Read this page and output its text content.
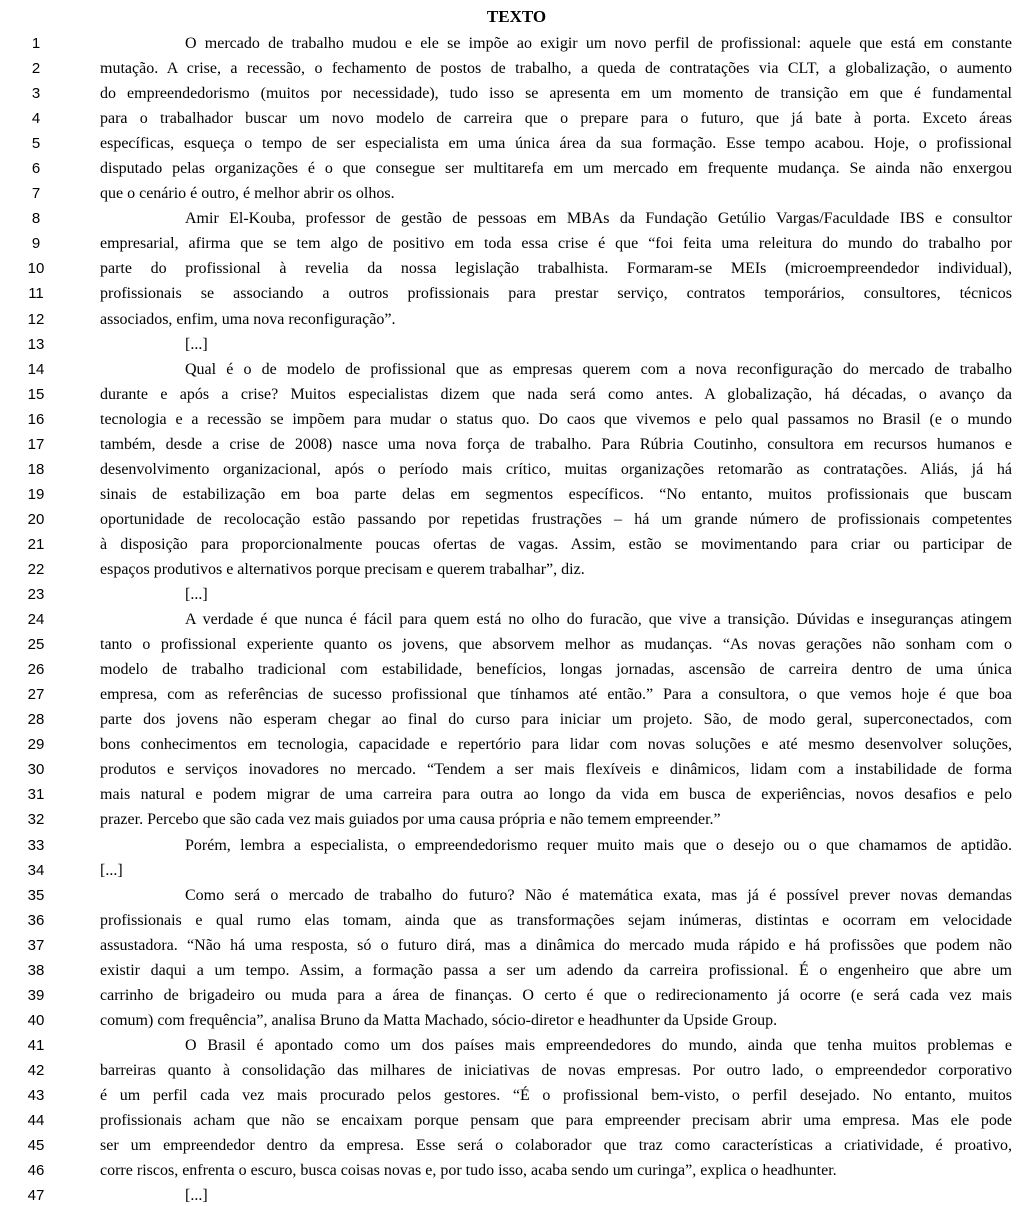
TEXTO
1	O mercado de trabalho mudou e ele se impõe ao exigir um novo perfil de profissional: aquele que está em constante
2	mutação. A crise, a recessão, o fechamento de postos de trabalho, a queda de contratações via CLT, a globalização, o aumento
3	do empreendedorismo (muitos por necessidade), tudo isso se apresenta em um momento de transição em que é fundamental
4	para o trabalhador buscar um novo modelo de carreira que o prepare para o futuro, que já bate à porta. Exceto áreas
5	específicas, esqueça o tempo de ser especialista em uma única área da sua formação. Esse tempo acabou. Hoje, o profissional
6	disputado pelas organizações é o que consegue ser multitarefa em um mercado em frequente mudança. Se ainda não enxergou
7	que o cenário é outro, é melhor abrir os olhos.
8	Amir El-Kouba, professor de gestão de pessoas em MBAs da Fundação Getúlio Vargas/Faculdade IBS e consultor
9	empresarial, afirma que se tem algo de positivo em toda essa crise é que “foi feita uma releitura do mundo do trabalho por
10	parte do profissional à revelia da nossa legislação trabalhista. Formaram-se MEIs (microempreendedor individual),
11	profissionais se associando a outros profissionais para prestar serviço, contratos temporários, consultores, técnicos
12	associados, enfim, uma nova reconfiguração”.
13	[...]
14	Qual é o de modelo de profissional que as empresas querem com a nova reconfiguração do mercado de trabalho
15	durante e após a crise? Muitos especialistas dizem que nada será como antes. A globalização, há décadas, o avanço da
16	tecnologia e a recessão se impõem para mudar o status quo. Do caos que vivemos e pelo qual passamos no Brasil (e o mundo
17	também, desde a crise de 2008) nasce uma nova força de trabalho. Para Rúbria Coutinho, consultora em recursos humanos e
18	desenvolvimento organizacional, após o período mais crítico, muitas organizações retomarão as contratações. Aliás, já há
19	sinais de estabilização em boa parte delas em segmentos específicos. “No entanto, muitos profissionais que buscam
20	oportunidade de recolocação estão passando por repetidas frustrações – há um grande número de profissionais competentes
21	à disposição para proporcionalmente poucas ofertas de vagas. Assim, estão se movimentando para criar ou participar de
22	espaços produtivos e alternativos porque precisam e querem trabalhar”, diz.
23	[...]
24	A verdade é que nunca é fácil para quem está no olho do furacão, que vive a transição. Dúvidas e inseguranças atingem
25	tanto o profissional experiente quanto os jovens, que absorvem melhor as mudanças. “As novas gerações não sonham com o
26	modelo de trabalho tradicional com estabilidade, benefícios, longas jornadas, ascensão de carreira dentro de uma única
27	empresa, com as referências de sucesso profissional que tínhamos até então.” Para a consultora, o que vemos hoje é que boa
28	parte dos jovens não esperam chegar ao final do curso para iniciar um projeto. São, de modo geral, superconectados, com
29	bons conhecimentos em tecnologia, capacidade e repertório para lidar com novas soluções e até mesmo desenvolver soluções,
30	produtos e serviços inovadores no mercado. “Tendem a ser mais flexíveis e dinâmicos, lidam com a instabilidade de forma
31	mais natural e podem migrar de uma carreira para outra ao longo da vida em busca de experiências, novos desafios e pelo
32	prazer. Percebo que são cada vez mais guiados por uma causa própria e não temem empreender.”
33	Porém, lembra a especialista, o empreendedorismo requer muito mais que o desejo ou o que chamamos de aptidão.
34	[...]
35	Como será o mercado de trabalho do futuro? Não é matemática exata, mas já é possível prever novas demandas
36	profissionais e qual rumo elas tomam, ainda que as transformações sejam inúmeras, distintas e ocorram em velocidade
37	assustadora. “Não há uma resposta, só o futuro dirá, mas a dinâmica do mercado muda rápido e há profissões que podem não
38	existir daqui a um tempo. Assim, a formação passa a ser um adendo da carreira profissional. É o engenheiro que abre um
39	carrinho de brigadeiro ou muda para a área de finanças. O certo é que o redirecionamento já ocorre (e será cada vez mais
40	comum) com frequência”, analisa Bruno da Matta Machado, sócio-diretor e headhunter da Upside Group.
41	O Brasil é apontado como um dos países mais empreendedores do mundo, ainda que tenha muitos problemas e
42	barreiras quanto à consolidação das milhares de iniciativas de novas empresas. Por outro lado, o empreendedor corporativo
43	é um perfil cada vez mais procurado pelos gestores. “É o profissional bem-visto, o perfil desejado. No entanto, muitos
44	profissionais acham que não se encaixam porque pensam que para empreender precisam abrir uma empresa. Mas ele pode
45	ser um empreendedor dentro da empresa. Esse será o colaborador que traz como características a criatividade, é proativo,
46	corre riscos, enfrenta o escuro, busca coisas novas e, por tudo isso, acaba sendo um curinga”, explica o headhunter.
47	[...]
